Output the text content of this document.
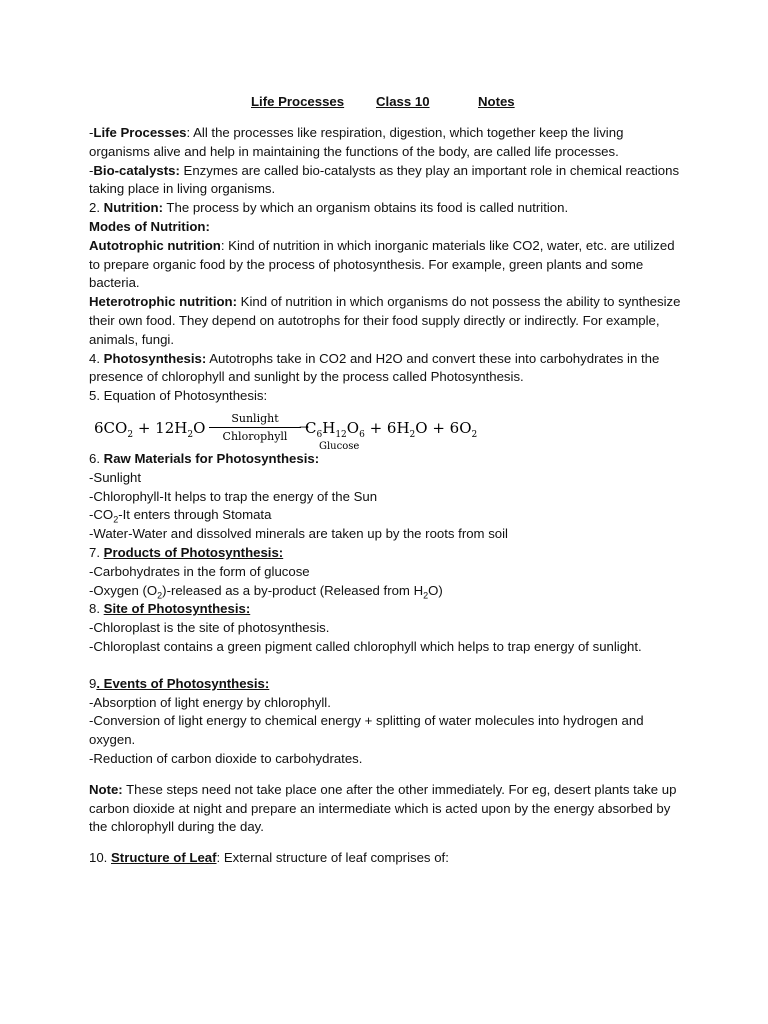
Life Processes Class 10	Notes

-Life Processes: All the processes like respiration, digestion, which together keep the living organisms alive and help in maintaining the functions of the body, are called life processes.

-Bio-catalysts: Enzymes are called bio-catalysts as they play an important role in chemical reactions taking place in living organisms.

2. Nutrition: The process by which an organism obtains its food is called nutrition.

Modes of Nutrition:

Autotrophic nutrition: Kind of nutrition in which inorganic materials like CO2, water, etc. are utilized to prepare organic food by the process of photosynthesis. For example, green plants and some bacteria.

Heterotrophic nutrition: Kind of nutrition in which organisms do not possess the ability to synthesize their own food. They depend on autotrophs for their food supply directly or indirectly. For example, animals, fungi.

4. Photosynthesis: Autotrophs take in CO2 and H2O and convert these into carbohydrates in the presence of chlorophyll and sunlight by the process called Photosynthesis.

5. Equation of Photosynthesis:

$6CO_2 + 12H_2O$
Sunlight
→
Chlorophyll	$C_6H_{12}O_6 + 6H_2O + 6O_2$
Glucose

6. Raw Materials for Photosynthesis:

-Sunlight

-Chlorophyll-It helps to trap the energy of the Sun

$-CO_2-It$ enters through Stomata

-Water-Water and dissolved minerals are taken up by the roots from soil

7. Products of Photosynthesis:

-Carbohydrates in the form of glucose

-Oxygen $(O_2)$-released as a by-product (Released from $H_2O$)

8. Site of Photosynthesis:

-Chloroplast is the site of photosynthesis.

-Chloroplast contains a green pigment called chlorophyll which helps to trap energy of sunlight.

9. Events of Photosynthesis:

-Absorption of light energy by chlorophyll.

-Conversion of light energy to chemical energy + splitting of water molecules into hydrogen and oxygen.

-Reduction of carbon dioxide to carbohydrates.

Note: These steps need not take place one after the other immediately. For eg, desert plants take up carbon dioxide at night and prepare an intermediate which is acted upon by the energy absorbed by the chlorophyll during the day.

10. Structure of Leaf: External structure of leaf comprises of:
